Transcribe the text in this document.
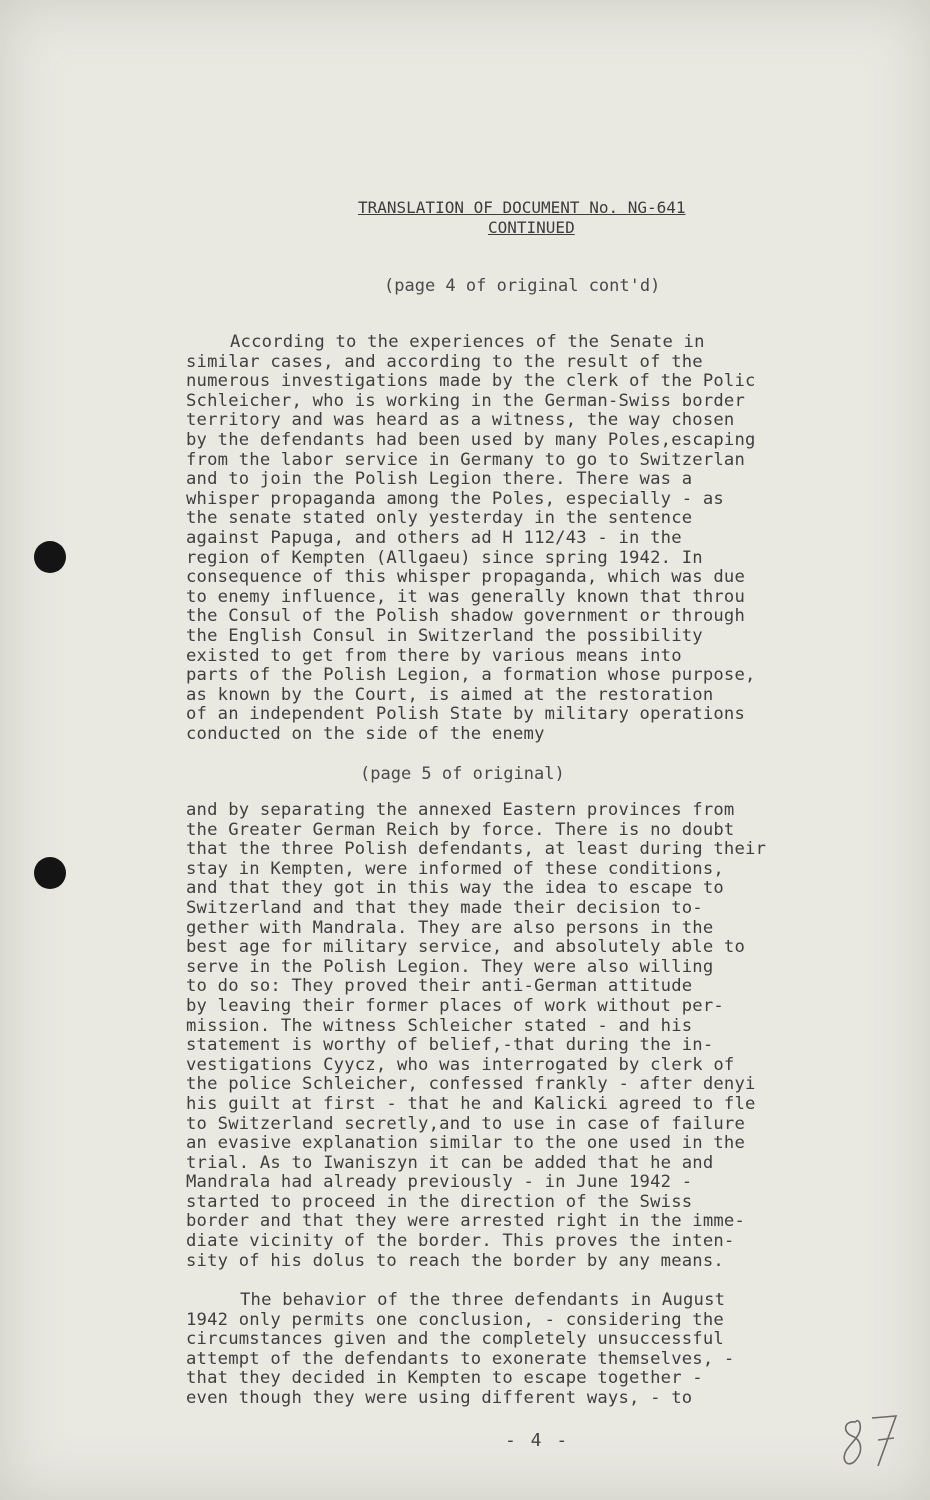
TRANSLATION OF DOCUMENT No. NG-641
CONTINUED
(page 4 of original cont'd)
According to the experiences of the Senate in
similar cases, and according to the result of the
numerous investigations made by the clerk of the Polic
Schleicher, who is working in the German-Swiss border
territory and was heard as a witness, the way chosen
by the defendants had been used by many Poles,escaping
from the labor service in Germany to go to Switzerlan
and to join the Polish Legion there. There was a
whisper propaganda among the Poles, especially - as
the senate stated only yesterday in the sentence
against Papuga, and others ad H 112/43 - in the
region of Kempten (Allgaeu) since spring 1942. In
consequence of this whisper propaganda, which was due
to enemy influence, it was generally known that throu
the Consul of the Polish shadow government or through
the English Consul in Switzerland the possibility
existed to get from there by various means into
parts of the Polish Legion, a formation whose purpose,
as known by the Court, is aimed at the restoration
of an independent Polish State by military operations
conducted on the side of the enemy
(page 5 of original)
and by separating the annexed Eastern provinces from
the Greater German Reich by force. There is no doubt
that the three Polish defendants, at least during their
stay in Kempten, were informed of these conditions,
and that they got in this way the idea to escape to
Switzerland and that they made their decision to-
gether with Mandrala. They are also persons in the
best age for military service, and absolutely able to
serve in the Polish Legion. They were also willing
to do so: They proved their anti-German attitude
by leaving their former places of work without per-
mission. The witness Schleicher stated - and his
statement is worthy of belief,-that during the in-
vestigations Cyycz, who was interrogated by clerk of
the police Schleicher, confessed frankly - after denyi
his guilt at first - that he and Kalicki agreed to fle
to Switzerland secretly,and to use in case of failure
an evasive explanation similar to the one used in the
trial. As to Iwaniszyn it can be added that he and
Mandrala had already previously - in June 1942 -
started to proceed in the direction of the Swiss
border and that they were arrested right in the imme-
diate vicinity of the border. This proves the inten-
sity of his dolus to reach the border by any means.
The behavior of the three defendants in August
1942 only permits one conclusion, - considering the
circumstances given and the completely unsuccessful
attempt of the defendants to exonerate themselves, -
that they decided in Kempten to escape together -
even though they were using different ways, - to
- 4 -
